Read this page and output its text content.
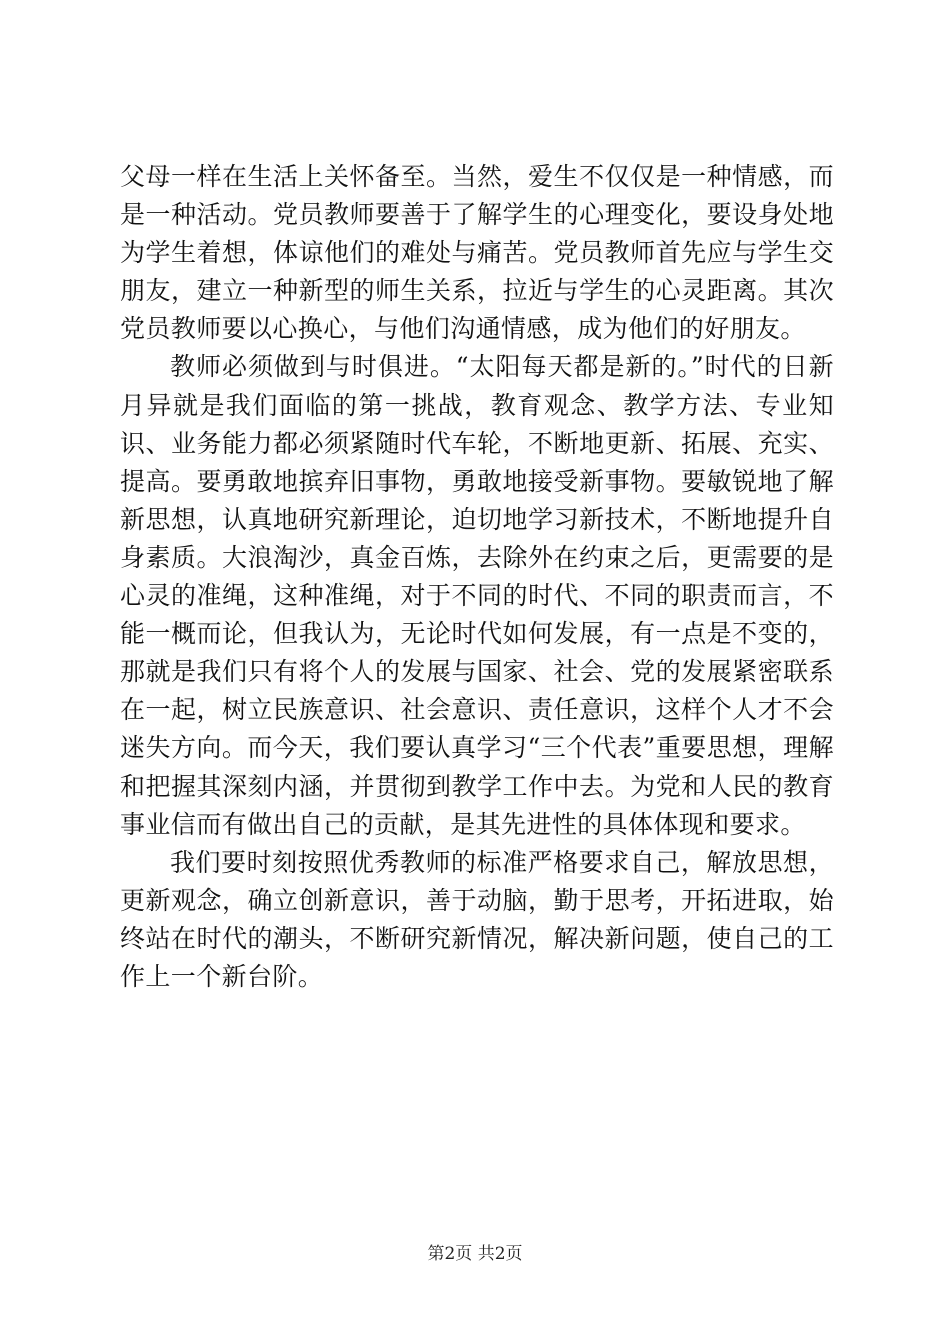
父母一样在生活上关怀备至。当然，爱生不仅仅是一种情感，而是一种活动。党员教师要善于了解学生的心理变化，要设身处地为学生着想，体谅他们的难处与痛苦。党员教师首先应与学生交朋友，建立一种新型的师生关系，拉近与学生的心灵距离。其次党员教师要以心换心，与他们沟通情感，成为他们的好朋友。

教师必须做到与时俱进。“太阳每天都是新的。”时代的日新月异就是我们面临的第一挑战，教育观念、教学方法、专业知识、业务能力都必须紧随时代车轮，不断地更新、拓展、充实、提高。要勇敢地摈弃旧事物，勇敢地接受新事物。要敏锐地了解新思想，认真地研究新理论，迫切地学习新技术，不断地提升自身素质。大浪淘沙，真金百炼，去除外在约束之后，更需要的是心灵的准绳，这种准绳，对于不同的时代、不同的职责而言，不能一概而论，但我认为，无论时代如何发展，有一点是不变的，那就是我们只有将个人的发展与国家、社会、党的发展紧密联系在一起，树立民族意识、社会意识、责任意识，这样个人才不会迷失方向。而今天，我们要认真学习“三个代表”重要思想，理解和把握其深刻内涵，并贯彻到教学工作中去。为党和人民的教育事业信而有做出自己的贡献，是其先进性的具体体现和要求。

我们要时刻按照优秀教师的标准严格要求自己，解放思想，更新观念，确立创新意识，善于动脑，勤于思考，开拓进取，始终站在时代的潮头，不断研究新情况，解决新问题，使自己的工作上一个新台阶。

第2页 共2页
